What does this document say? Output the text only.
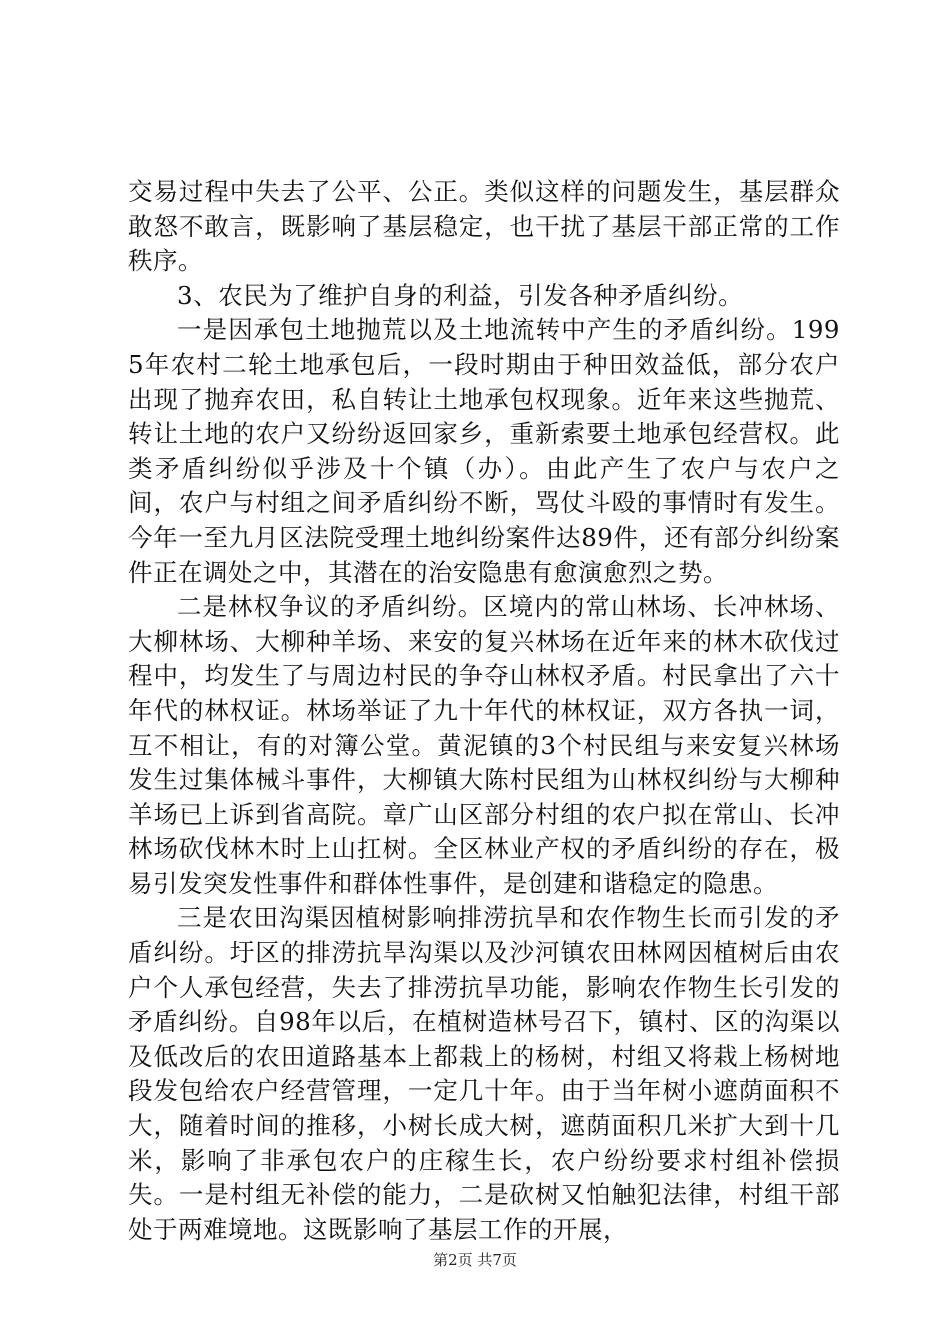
交易过程中失去了公平、公正。类似这样的问题发生，基层群众敢怒不敢言，既影响了基层稳定，也干扰了基层干部正常的工作秩序。

3、农民为了维护自身的利益，引发各种矛盾纠纷。

一是因承包土地抛荒以及土地流转中产生的矛盾纠纷。1995年农村二轮土地承包后，一段时期由于种田效益低，部分农户出现了抛弃农田，私自转让土地承包权现象。近年来这些抛荒、转让土地的农户又纷纷返回家乡，重新索要土地承包经营权。此类矛盾纠纷似乎涉及十个镇（办）。由此产生了农户与农户之间，农户与村组之间矛盾纠纷不断，骂仗斗殴的事情时有发生。今年一至九月区法院受理土地纠纷案件达89件，还有部分纠纷案件正在调处之中，其潜在的治安隐患有愈演愈烈之势。

二是林权争议的矛盾纠纷。区境内的常山林场、长冲林场、大柳林场、大柳种羊场、来安的复兴林场在近年来的林木砍伐过程中，均发生了与周边村民的争夺山林权矛盾。村民拿出了六十年代的林权证。林场举证了九十年代的林权证，双方各执一词，互不相让，有的对簿公堂。黄泥镇的3个村民组与来安复兴林场发生过集体械斗事件，大柳镇大陈村民组为山林权纠纷与大柳种羊场已上诉到省高院。章广山区部分村组的农户拟在常山、长冲林场砍伐林木时上山扛树。全区林业产权的矛盾纠纷的存在，极易引发突发性事件和群体性事件，是创建和谐稳定的隐患。

三是农田沟渠因植树影响排涝抗旱和农作物生长而引发的矛盾纠纷。圩区的排涝抗旱沟渠以及沙河镇农田林网因植树后由农户个人承包经营，失去了排涝抗旱功能，影响农作物生长引发的矛盾纠纷。自98年以后，在植树造林号召下，镇村、区的沟渠以及低改后的农田道路基本上都栽上的杨树，村组又将栽上杨树地段发包给农户经营管理，一定几十年。由于当年树小遮荫面积不大，随着时间的推移，小树长成大树，遮荫面积几米扩大到十几米，影响了非承包农户的庄稼生长，农户纷纷要求村组补偿损失。一是村组无补偿的能力，二是砍树又怕触犯法律，村组干部处于两难境地。这既影响了基层工作的开展，

第2页 共7页
